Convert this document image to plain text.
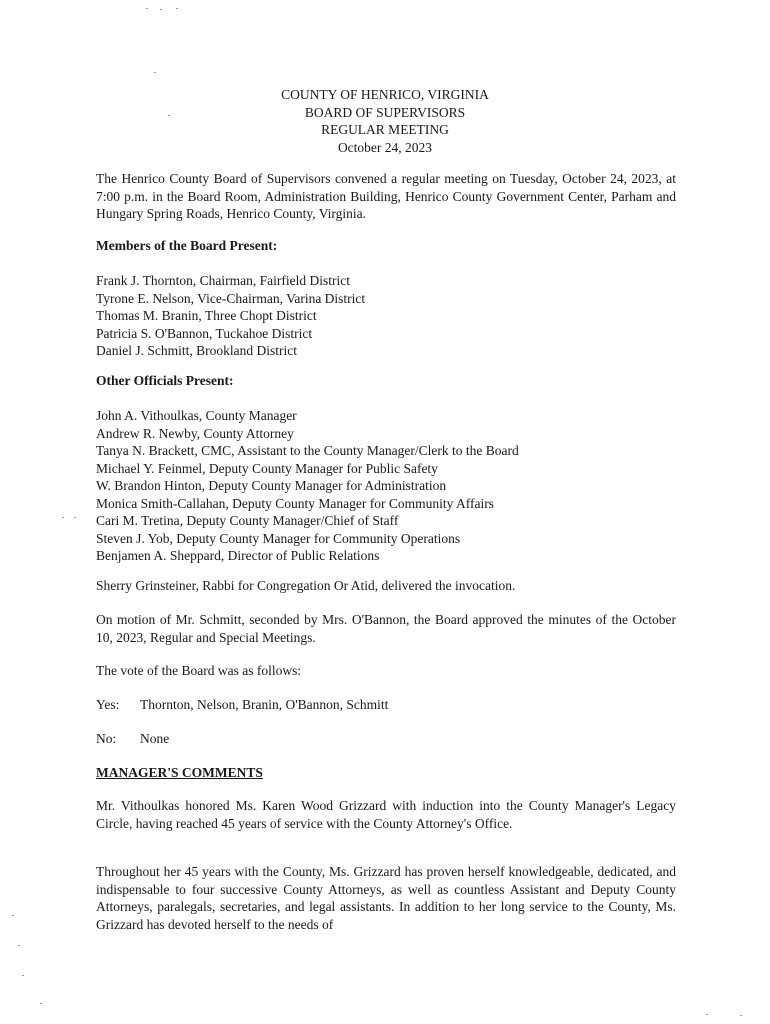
COUNTY OF HENRICO, VIRGINIA
BOARD OF SUPERVISORS
REGULAR MEETING
October 24, 2023
The Henrico County Board of Supervisors convened a regular meeting on Tuesday, October 24, 2023, at 7:00 p.m. in the Board Room, Administration Building, Henrico County Government Center, Parham and Hungary Spring Roads, Henrico County, Virginia.
Members of the Board Present:
Frank J. Thornton, Chairman, Fairfield District
Tyrone E. Nelson, Vice-Chairman, Varina District
Thomas M. Branin, Three Chopt District
Patricia S. O'Bannon, Tuckahoe District
Daniel J. Schmitt, Brookland District
Other Officials Present:
John A. Vithoulkas, County Manager
Andrew R. Newby, County Attorney
Tanya N. Brackett, CMC, Assistant to the County Manager/Clerk to the Board
Michael Y. Feinmel, Deputy County Manager for Public Safety
W. Brandon Hinton, Deputy County Manager for Administration
Monica Smith-Callahan, Deputy County Manager for Community Affairs
Cari M. Tretina, Deputy County Manager/Chief of Staff
Steven J. Yob, Deputy County Manager for Community Operations
Benjamen A. Sheppard, Director of Public Relations
Sherry Grinsteiner, Rabbi for Congregation Or Atid, delivered the invocation.
On motion of Mr. Schmitt, seconded by Mrs. O'Bannon, the Board approved the minutes of the October 10, 2023, Regular and Special Meetings.
The vote of the Board was as follows:
Yes: Thornton, Nelson, Branin, O'Bannon, Schmitt
No: None
MANAGER'S COMMENTS
Mr. Vithoulkas honored Ms. Karen Wood Grizzard with induction into the County Manager's Legacy Circle, having reached 45 years of service with the County Attorney's Office.
Throughout her 45 years with the County, Ms. Grizzard has proven herself knowledgeable, dedicated, and indispensable to four successive County Attorneys, as well as countless Assistant and Deputy County Attorneys, paralegals, secretaries, and legal assistants. In addition to her long service to the County, Ms. Grizzard has devoted herself to the needs of
